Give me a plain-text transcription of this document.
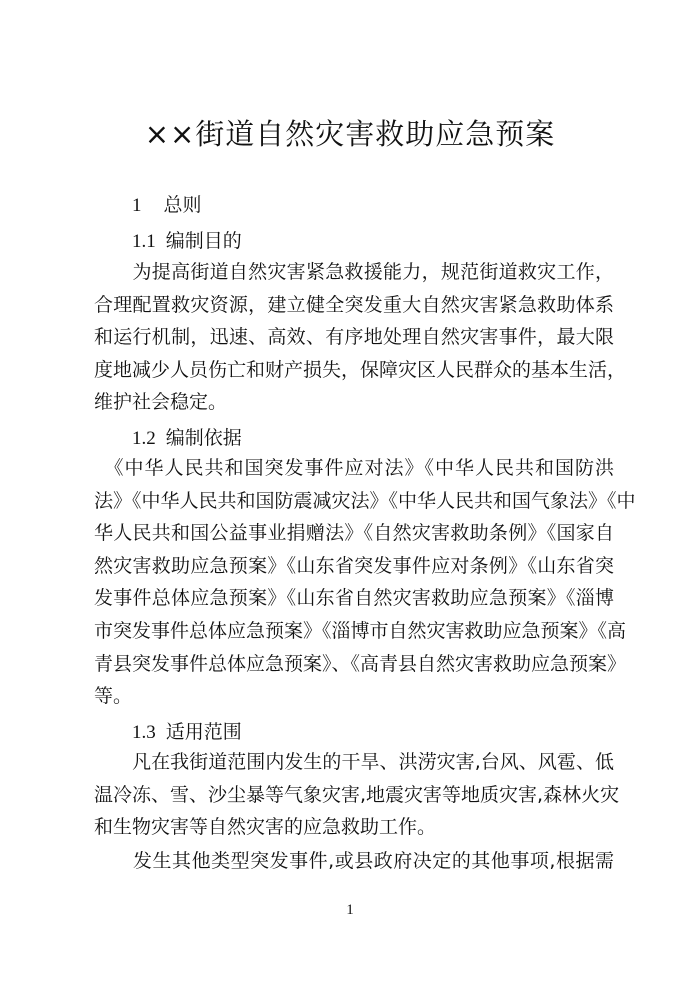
××街道自然灾害救助应急预案
1 总则
1.1 编制目的
　　为提高街道自然灾害紧急救援能力，规范街道救灾工作，
合理配置救灾资源，建立健全突发重大自然灾害紧急救助体系
和运行机制，迅速、高效、有序地处理自然灾害事件，最大限
度地减少人员伤亡和财产损失，保障灾区人民群众的基本生活，
维护社会稳定。
1.2 编制依据
　《中华人民共和国突发事件应对法》《中华人民共和国防洪
法》《中华人民共和国防震减灾法》《中华人民共和国气象法》《中
华人民共和国公益事业捐赠法》《自然灾害救助条例》《国家自
然灾害救助应急预案》《山东省突发事件应对条例》《山东省突
发事件总体应急预案》《山东省自然灾害救助应急预案》《淄博
市突发事件总体应急预案》《淄博市自然灾害救助应急预案》《高
青县突发事件总体应急预案》、《高青县自然灾害救助应急预案》
等。
1.3 适用范围
　　凡在我街道范围内发生的干旱、洪涝灾害,台风、风雹、低
温冷冻、雪、沙尘暴等气象灾害,地震灾害等地质灾害,森林火灾
和生物灾害等自然灾害的应急救助工作。
　　发生其他类型突发事件,或县政府决定的其他事项,根据需
1
